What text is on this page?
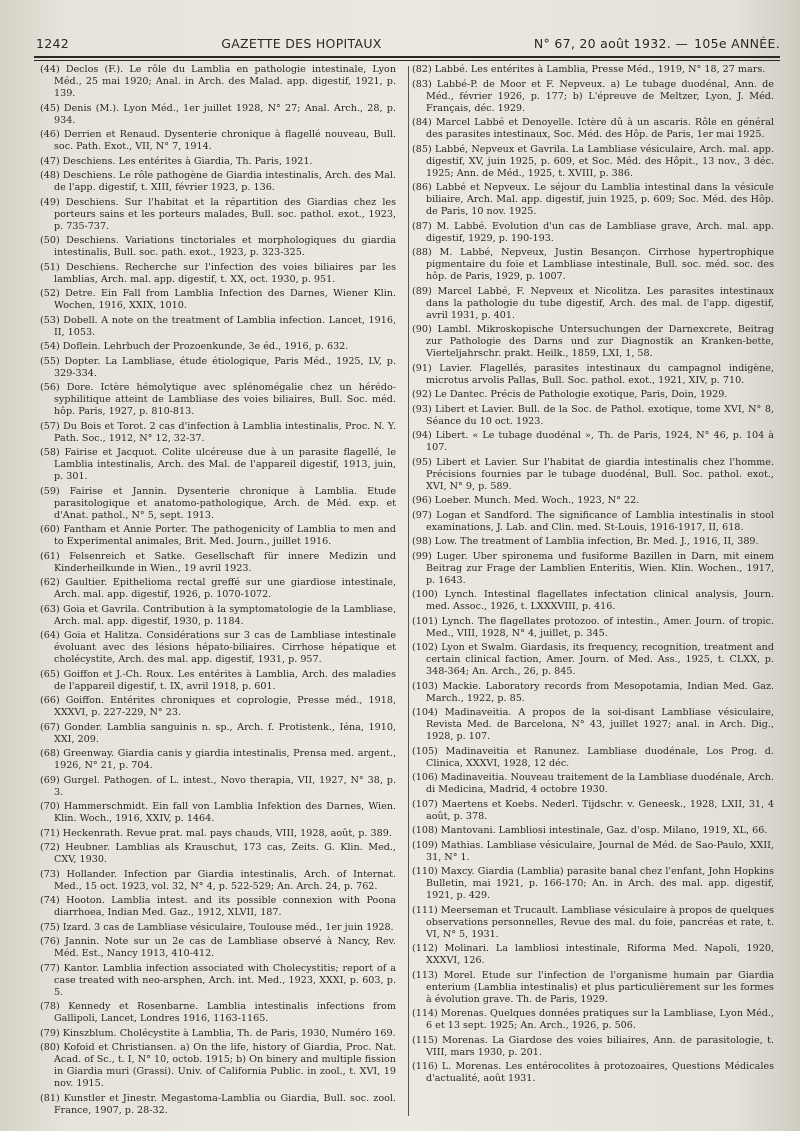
1242	GAZETTE DES HOPITAUX	N° 67, 20 août 1932. — 105e ANNÉE.

(44) Declos (F.). Le rôle du Lamblia en pathologie intestinale, Lyon Méd., 25 mai 1920; Anal. in Arch. des Malad. app. digestif, 1921, p. 139.

(45) Denis (M.). Lyon Méd., 1er juillet 1928, N° 27; Anal. Arch., 28, p. 934.

(46) Derrien et Renaud. Dysenterie chronique à flagellé nouveau, Bull. soc. Path. Exot., VII, N° 7, 1914.

(47) Deschiens. Les entérites à Giardia, Th. Paris, 1921.

(48) Deschiens. Le rôle pathogène de Giardia intestinalis, Arch. des Mal. de l'app. digestif, t. XIII, février 1923, p. 136.

(49) Deschiens. Sur l'habitat et la répartition des Giardias chez les porteurs sains et les porteurs malades, Bull. soc. pathol. exot., 1923, p. 735-737.

(50) Deschiens. Variations tinctoriales et morphologiques du giardia intestinalis, Bull. soc. path. exot., 1923, p. 323-325.

(51) Deschiens. Recherche sur l'infection des voies biliaires par les lamblias, Arch. mal. app. digestif, t. XX, oct. 1930, p. 951.

(52) Detre. Ein Fall from Lamblia Infection des Darnes, Wiener Klin. Wochen, 1916, XXIX, 1010.

(53) Dobell. A note on the treatment of Lamblia infection. Lancet, 1916, II, 1053.

(54) Doflein. Lehrbuch der Prozoenkunde, 3e éd., 1916, p. 632.

(55) Dopter. La Lambliase, étude étiologique, Paris Méd., 1925, LV, p. 329-334.

(56) Dore. Ictère hémolytique avec splénomégalie chez un hérédo-syphilitique atteint de Lambliase des voies biliaires, Bull. Soc. méd. hôp. Paris, 1927, p. 810-813.

(57) Du Bois et Torot. 2 cas d'infection à Lamblia intestinalis, Proc. N. Y. Path. Soc., 1912, N° 12, 32-37.

(58) Fairise et Jacquot. Colite ulcéreuse due à un parasite flagellé, le Lamblia intestinalis, Arch. des Mal. de l'appareil digestif, 1913, juin, p. 301.

(59) Fairise et Jannin. Dysenterie chronique à Lamblia. Etude parasitologique et anatomo-pathologique, Arch. de Méd. exp. et d'Anat. pathol., N° 5, sept. 1913.

(60) Fantham et Annie Porter. The pathogenicity of Lamblia to men and to Experimental animales, Brit. Med. Journ., juillet 1916.

(61) Felsenreich et Satke. Gesellschaft für innere Medizin und Kinderheilkunde in Wien., 19 avril 1923.

(62) Gaultier. Epithelioma rectal greffé sur une giardiose intestinale, Arch. mal. app. digestif, 1926, p. 1070-1072.

(63) Goia et Gavrila. Contribution à la symptomatologie de la Lambliase, Arch. mal. app. digestif, 1930, p. 1184.

(64) Goia et Halitza. Considérations sur 3 cas de Lambliase intestinale évoluant avec des lésions hépato-biliaires. Cirrhose hépatique et cholécystite, Arch. des mal. app. digestif, 1931, p. 957.

(65) Goiffon et J.-Ch. Roux. Les entérites à Lamblia, Arch. des maladies de l'appareil digestif, t. IX, avril 1918, p. 601.

(66) Goiffon. Entérites chroniques et coprologie, Presse méd., 1918, XXXVI, p. 227-229, N° 23.

(67) Gonder. Lamblia sanguinis n. sp., Arch. f. Protistenk., Iéna, 1910, XXI, 209.

(68) Greenway. Giardia canis y giardia intestinalis, Prensa med. argent., 1926, N° 21, p. 704.

(69) Gurgel. Pathogen. of L. intest., Novo therapia, VII, 1927, N° 38, p. 3.

(70) Hammerschmidt. Ein fall von Lamblia Infektion des Darnes, Wien. Klin. Woch., 1916, XXIV, p. 1464.

(71) Heckenrath. Revue prat. mal. pays chauds, VIII, 1928, août, p. 389.

(72) Heubner. Lamblias als Krauschut, 173 cas, Zeits. G. Klin. Med., CXV, 1930.

(73) Hollander. Infection par Giardia intestinalis, Arch. of Internat. Med., 15 oct. 1923, vol. 32, N° 4, p. 522-529; An. Arch. 24, p. 762.

(74) Hooton. Lamblia intest. and its possible connexion with Poona diarrhoea, Indian Med. Gaz., 1912, XLVII, 187.

(75) Izard. 3 cas de Lambliase vésiculaire, Toulouse méd., 1er juin 1928.

(76) Jannin. Note sur un 2e cas de Lambliase observé à Nancy, Rev. Méd. Est., Nancy 1913, 410-412.

(77) Kantor. Lamblia infection associated with Cholecystitis; report of a case treated with neo-arsphen, Arch. int. Med., 1923, XXXI, p. 603, p. 5.

(78) Kennedy et Rosenbarne. Lamblia intestinalis infections from Gallipoli, Lancet, Londres 1916, 1163-1165.

(79) Kinszblum. Cholécystite à Lamblia, Th. de Paris, 1930, Numéro 169.

(80) Kofoid et Christiansen. a) On the life, history of Giardia, Proc. Nat. Acad. of Sc., t. I, N° 10, octob. 1915; b) On binery and multiple fission in Giardia muri (Grassi). Univ. of California Public. in zool., t. XVI, 19 nov. 1915.

(81) Kunstler et Jinestr. Megastoma-Lamblia ou Giardia, Bull. soc. zool. France, 1907, p. 28-32.

(82) Labbé. Les entérites à Lamblia, Presse Méd., 1919, N° 18, 27 mars.

(83) Labbé-P. de Moor et F. Nepveux. a) Le tubage duodénal, Ann. de Méd., février 1926, p. 177; b) L'épreuve de Meltzer, Lyon, J. Méd. Français, déc. 1929.

(84) Marcel Labbé et Denoyelle. Ictère dû à un ascaris. Rôle en général des parasites intestinaux, Soc. Méd. des Hôp. de Paris, 1er mai 1925.

(85) Labbé, Nepveux et Gavrila. La Lambliase vésiculaire, Arch. mal. app. digestif, XV, juin 1925, p. 609, et Soc. Méd. des Hôpit., 13 nov., 3 déc. 1925; Ann. de Méd., 1925, t. XVIII, p. 386.

(86) Labbé et Nepveux. Le séjour du Lamblia intestinal dans la vésicule biliaire, Arch. Mal. app. digestif, juin 1925, p. 609; Soc. Méd. des Hôp. de Paris, 10 nov. 1925.

(87) M. Labbé. Evolution d'un cas de Lambliase grave, Arch. mal. app. digestif, 1929, p. 190-193.

(88) M. Labbé, Nepveux, Justin Besançon. Cirrhose hypertrophique pigmentaire du foie et Lambliase intestinale, Bull. soc. méd. soc. des hôp. de Paris, 1929, p. 1007.

(89) Marcel Labbé, F. Nepveux et Nicolitza. Les parasites intestinaux dans la pathologie du tube digestif, Arch. des mal. de l'app. digestif, avril 1931, p. 401.

(90) Lambl. Mikroskopische Untersuchungen der Darnexcrete, Beitrag zur Pathologie des Darns und zur Diagnostik an Kranken-bette, Vierteljahrschr. prakt. Heilk., 1859, LXI, 1, 58.

(91) Lavier. Flagellés, parasites intestinaux du campagnol indigène, microtus arvolis Pallas, Bull. Soc. pathol. exot., 1921, XIV, p. 710.

(92) Le Dantec. Précis de Pathologie exotique, Paris, Doin, 1929.

(93) Libert et Lavier. Bull. de la Soc. de Pathol. exotique, tome XVI, N° 8, Séance du 10 oct. 1923.

(94) Libert. « Le tubage duodénal », Th. de Paris, 1924, N° 46, p. 104 à 107.

(95) Libert et Lavier. Sur l'habitat de giardia intestinalis chez l'homme. Précisions fournies par le tubage duodénal, Bull. Soc. pathol. exot., XVI, N° 9, p. 589.

(96) Loeber. Munch. Med. Woch., 1923, N° 22.

(97) Logan et Sandford. The significance of Lamblia intestinalis in stool examinations, J. Lab. and Clin. med. St-Louis, 1916-1917, II, 618.

(98) Low. The treatment of Lamblia infection, Br. Med. J., 1916, II, 389.

(99) Luger. Uber spironema und fusiforme Bazillen in Darn, mit einem Beitrag zur Frage der Lamblien Enteritis, Wien. Klin. Wochen., 1917, p. 1643.

(100) Lynch. Intestinal flagellates infectation clinical analysis, Journ. med. Assoc., 1926, t. LXXXVIII, p. 416.

(101) Lynch. The flagellates protozoo. of intestin., Amer. Journ. of tropic. Med., VIII, 1928, N° 4, juillet, p. 345.

(102) Lyon et Swalm. Giardasis, its frequency, recognition, treatment and certain clinical faction, Amer. Journ. of Med. Ass., 1925, t. CLXX, p. 348-364; An. Arch., 26, p. 845.

(103) Mackie. Laboratory records from Mesopotamia, Indian Med. Gaz. March., 1922, p. 85.

(104) Madinaveitia. A propos de la soi-disant Lambliase vésiculaire, Revista Med. de Barcelona, N° 43, juillet 1927; anal. in Arch. Dig., 1928, p. 107.

(105) Madinaveitia et Ranunez. Lambliase duodénale, Los Prog. d. Clinica, XXXVI, 1928, 12 déc.

(106) Madinaveitia. Nouveau traitement de la Lambliase duodénale, Arch. di Medicina, Madrid, 4 octobre 1930.

(107) Maertens et Koebs. Nederl. Tijdschr. v. Geneesk., 1928, LXII, 31, 4 août, p. 378.

(108) Mantovani. Lambliosi intestinale, Gaz. d'osp. Milano, 1919, XL, 66.

(109) Mathias. Lambliase vésiculaire, Journal de Méd. de Sao-Paulo, XXII, 31, N° 1.

(110) Maxcy. Giardia (Lamblia) parasite banal chez l'enfant, John Hopkins Bulletin, mai 1921, p. 166-170; An. in Arch. des mal. app. digestif, 1921, p. 429.

(111) Meerseman et Trucault. Lambliase vésiculaire à propos de quelques observations personnelles, Revue des mal. du foie, pancréas et rate, t. VI, N° 5, 1931.

(112) Molinari. La lambliosi intestinale, Riforma Med. Napoli, 1920, XXXVI, 126.

(113) Morel. Etude sur l'infection de l'organisme humain par Giardia enterium (Lamblia intestinalis) et plus particulièrement sur les formes à évolution grave. Th. de Paris, 1929.

(114) Morenas. Quelques données pratiques sur la Lambliase, Lyon Méd., 6 et 13 sept. 1925; An. Arch., 1926, p. 506.

(115) Morenas. La Giardose des voies biliaires, Ann. de parasitologie, t. VIII, mars 1930, p. 201.

(116) L. Morenas. Les entérocolites à protozoaires, Questions Médicales d'actualité, août 1931.
